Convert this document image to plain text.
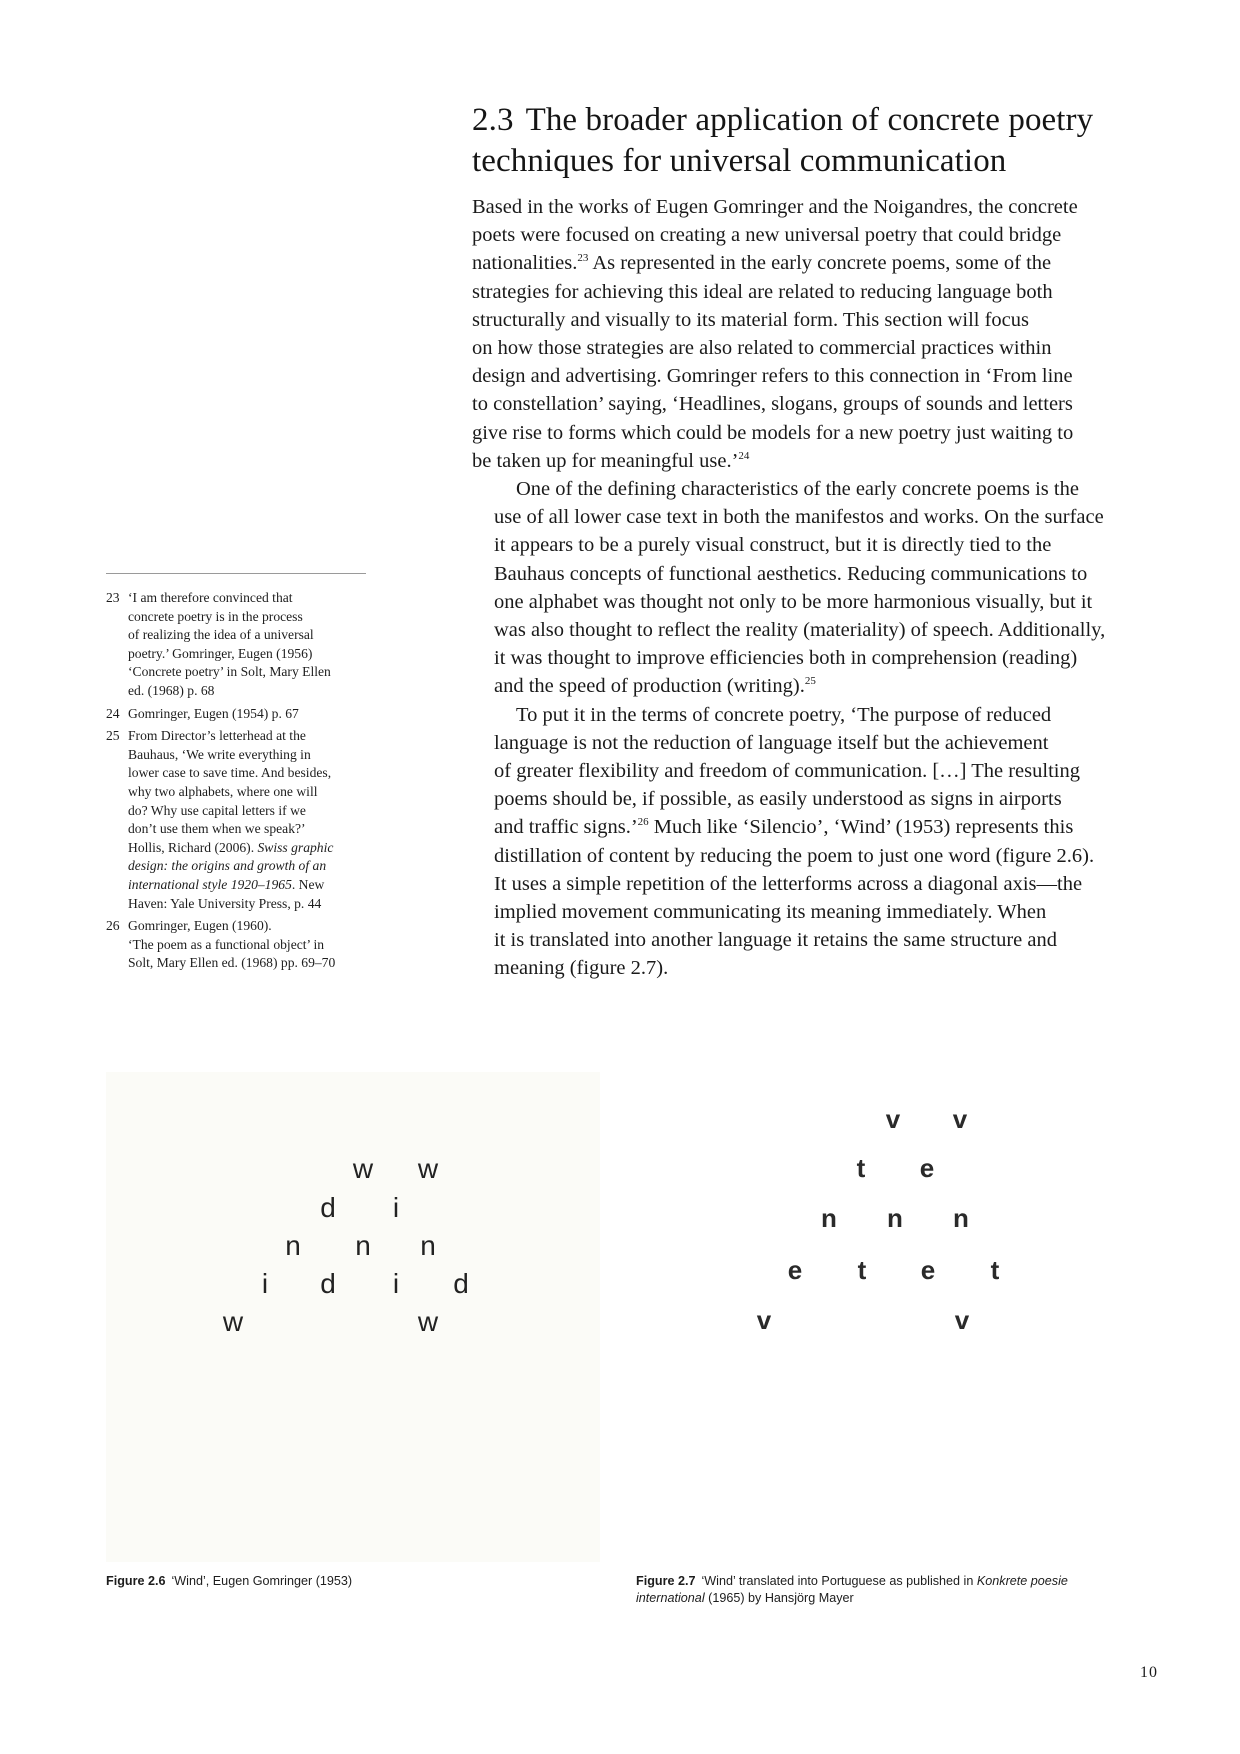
2.3 The broader application of concrete poetry
techniques for universal communication

Based in the works of Eugen Gomringer and the Noigandres, the concrete
poets were focused on creating a new universal poetry that could bridge
nationalities.$^{23}$ As represented in the early concrete poems, some of the
strategies for achieving this ideal are related to reducing language both
structurally and visually to its material form. This section will focus
on how those strategies are also related to commercial practices within
design and advertising. Gomringer refers to this connection in ‘From line
to constellation’ saying, ‘Headlines, slogans, groups of sounds and letters
give rise to forms which could be models for a new poetry just waiting to
be taken up for meaningful use.’$^{24}$

One of the defining characteristics of the early concrete poems is the
use of all lower case text in both the manifestos and works. On the surface
it appears to be a purely visual construct, but it is directly tied to the
Bauhaus concepts of functional aesthetics. Reducing communications to
one alphabet was thought not only to be more harmonious visually, but it
was also thought to reflect the reality (materiality) of speech. Additionally,
it was thought to improve efficiencies both in comprehension (reading)
and the speed of production (writing).$^{25}$

To put it in the terms of concrete poetry, ‘The purpose of reduced
language is not the reduction of language itself but the achievement
of greater flexibility and freedom of communication. […] The resulting
poems should be, if possible, as easily understood as signs in airports
and traffic signs.’$^{26}$ Much like ‘Silencio’, ‘Wind’ (1953) represents this
distillation of content by reducing the poem to just one word (figure 2.6).
It uses a simple repetition of the letterforms across a diagonal axis—the
implied movement communicating its meaning immediately. When
it is translated into another language it retains the same structure and
meaning (figure 2.7).

23 ‘I am therefore convinced that
concrete poetry is in the process
of realizing the idea of a universal
poetry.’ Gomringer, Eugen (1956)
‘Concrete poetry’ in Solt, Mary Ellen
ed. (1968) p. 68
24 Gomringer, Eugen (1954) p. 67
25 From Director’s letterhead at the
Bauhaus, ‘We write everything in
lower case to save time. And besides,
why two alphabets, where one will
do? Why use capital letters if we
don’t use them when we speak?’
Hollis, Richard (2006). Swiss graphic
design: the origins and growth of an
international style 1920–1965. New
Haven: Yale University Press, p. 44
26 Gomringer, Eugen (1960).
‘The poem as a functional object’ in
Solt, Mary Ellen ed. (1968) pp. 69–70
w w
d i
n n n
i d i d
w	w
v v
t e
n n n
e t e t
v	v
Figure 2.6 ‘Wind’, Eugen Gomringer (1953)	Figure 2.7 ‘Wind’ translated into Portuguese as published in Konkrete poesie
international (1965) by Hansjörg Mayer
10
